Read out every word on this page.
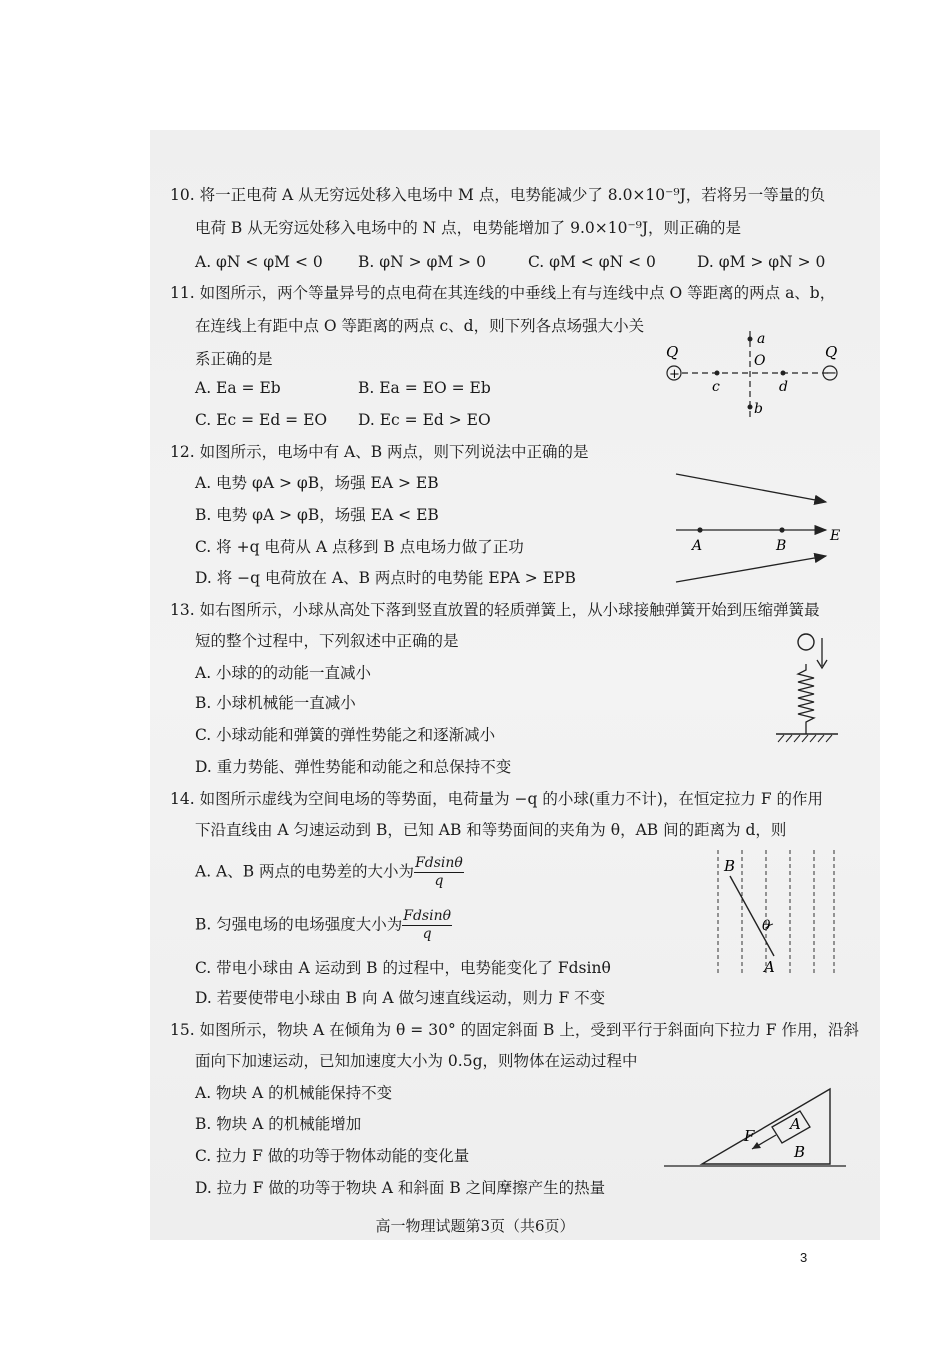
10. 将一正电荷 A 从无穷远处移入电场中 M 点，电势能减少了 8.0×10⁻⁹J，若将另一等量的负
电荷 B 从无穷远处移入电场中的 N 点，电势能增加了 9.0×10⁻⁹J，则正确的是
A. φN < φM < 0 B. φN > φM > 0	C. φM < φN < 0	D. φM > φN > 0
11. 如图所示，两个等量异号的点电荷在其连线的中垂线上有与连线中点 O 等距离的两点 a、b，
在连线上有距中点 O 等距离的两点 c、d，则下列各点场强大小关
系正确的是
A. Ea = Eb	B. Ea = EO = Eb
C. Ec = Ed = EO D. Ec = Ed > EO
+	−
Q	Q
a
O
c	d
b
12. 如图所示，电场中有 A、B 两点，则下列说法中正确的是
A. 电势 φA > φB，场强 EA > EB
B. 电势 φA > φB，场强 EA < EB
C. 将 +q 电荷从 A 点移到 B 点电场力做了正功
D. 将 −q 电荷放在 A、B 两点时的电势能 EPA > EPB
A	B
E
13. 如右图所示，小球从高处下落到竖直放置的轻质弹簧上，从小球接触弹簧开始到压缩弹簧最
短的整个过程中，下列叙述中正确的是
A. 小球的的动能一直减小
B. 小球机械能一直减小
C. 小球动能和弹簧的弹性势能之和逐渐减小
D. 重力势能、弹性势能和动能之和总保持不变
14. 如图所示虚线为空间电场的等势面，电荷量为 −q 的小球(重力不计)，在恒定拉力 F 的作用
下沿直线由 A 匀速运动到 B，已知 AB 和等势面间的夹角为 θ，AB 间的距离为 d，则
A. A、B 两点的电势差的大小为 $\frac{Fdsin\theta}{q}$
B. 匀强电场的电场强度大小为 $\frac{Fdsin\theta}{q}$
C. 带电小球由 A 运动到 B 的过程中，电势能变化了 Fdsinθ
D. 若要使带电小球由 B 向 A 做匀速直线运动，则力 F 不变
B
A
θ
15. 如图所示，物块 A 在倾角为 θ = 30° 的固定斜面 B 上，受到平行于斜面向下拉力 F 作用，沿斜
面向下加速运动，已知加速度大小为 0.5g，则物体在运动过程中
A. 物块 A 的机械能保持不变
B. 物块 A 的机械能增加
C. 拉力 F 做的功等于物体动能的变化量
D. 拉力 F 做的功等于物块 A 和斜面 B 之间摩擦产生的热量
A
F
B
高一物理试题第3页（共6页）
3
